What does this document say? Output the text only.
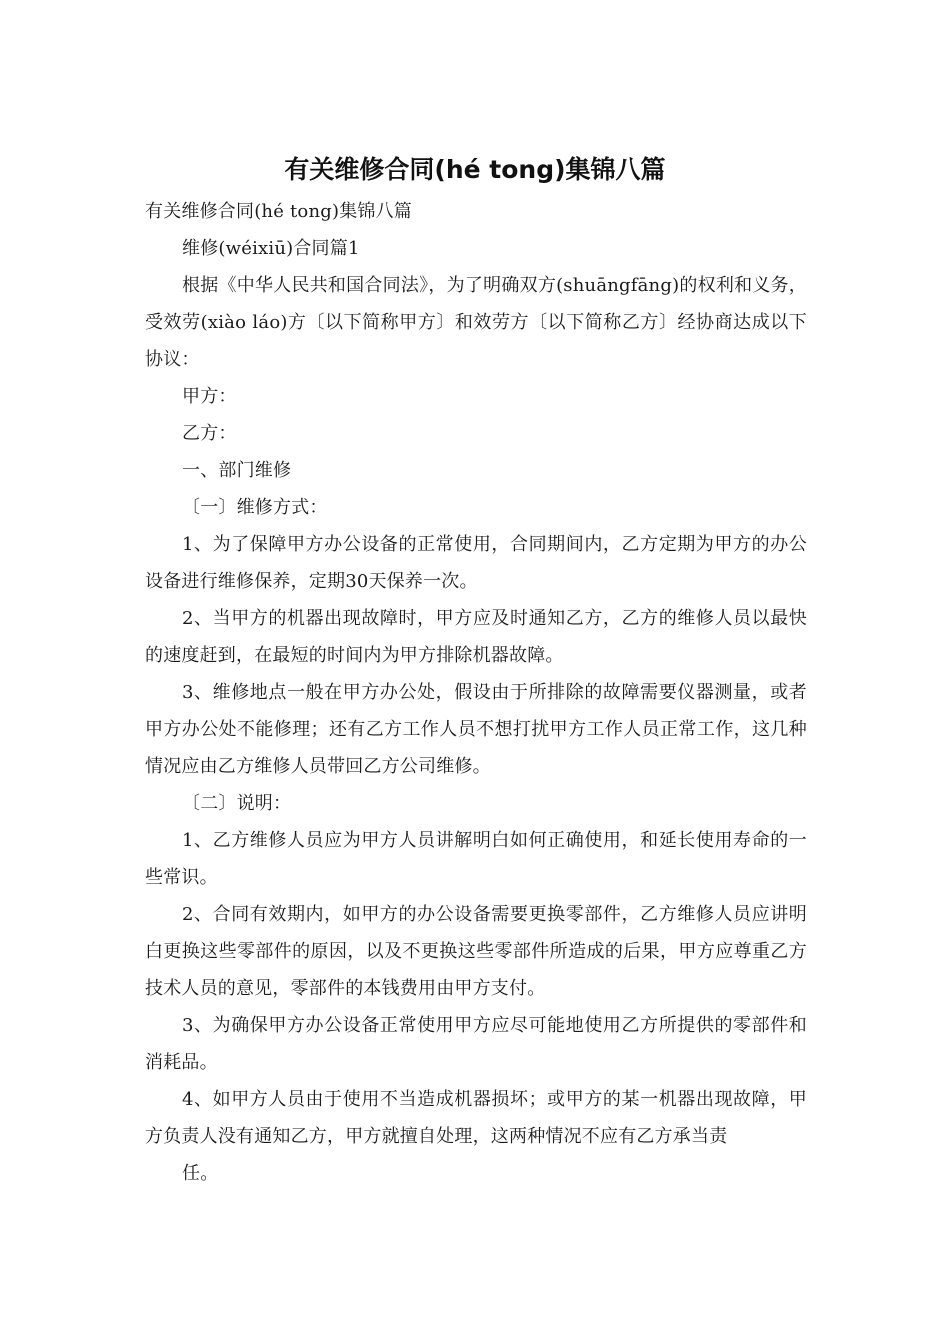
有关维修合同(hé tong)集锦八篇

有关维修合同(hé tong)集锦八篇

维修(wéixiū)合同篇1

根据《中华人民共和国合同法》，为了明确双方(shuāngfāng)的权利和义务，受效劳(xiào láo)方〔以下简称甲方〕和效劳方〔以下简称乙方〕经协商达成以下协议：

甲方：

乙方：

一、部门维修

〔一〕维修方式：

1、为了保障甲方办公设备的正常使用，合同期间内，乙方定期为甲方的办公设备进行维修保养，定期30天保养一次。

2、当甲方的机器出现故障时，甲方应及时通知乙方，乙方的维修人员以最快的速度赶到，在最短的时间内为甲方排除机器故障。

3、维修地点一般在甲方办公处，假设由于所排除的故障需要仪器测量，或者甲方办公处不能修理；还有乙方工作人员不想打扰甲方工作人员正常工作，这几种情况应由乙方维修人员带回乙方公司维修。

〔二〕说明：

1、乙方维修人员应为甲方人员讲解明白如何正确使用，和延长使用寿命的一些常识。

2、合同有效期内，如甲方的办公设备需要更换零部件，乙方维修人员应讲明白更换这些零部件的原因，以及不更换这些零部件所造成的后果，甲方应尊重乙方技术人员的意见，零部件的本钱费用由甲方支付。

3、为确保甲方办公设备正常使用甲方应尽可能地使用乙方所提供的零部件和消耗品。

4、如甲方人员由于使用不当造成机器损坏；或甲方的某一机器出现故障，甲方负责人没有通知乙方，甲方就擅自处理，这两种情况不应有乙方承当责
任。
